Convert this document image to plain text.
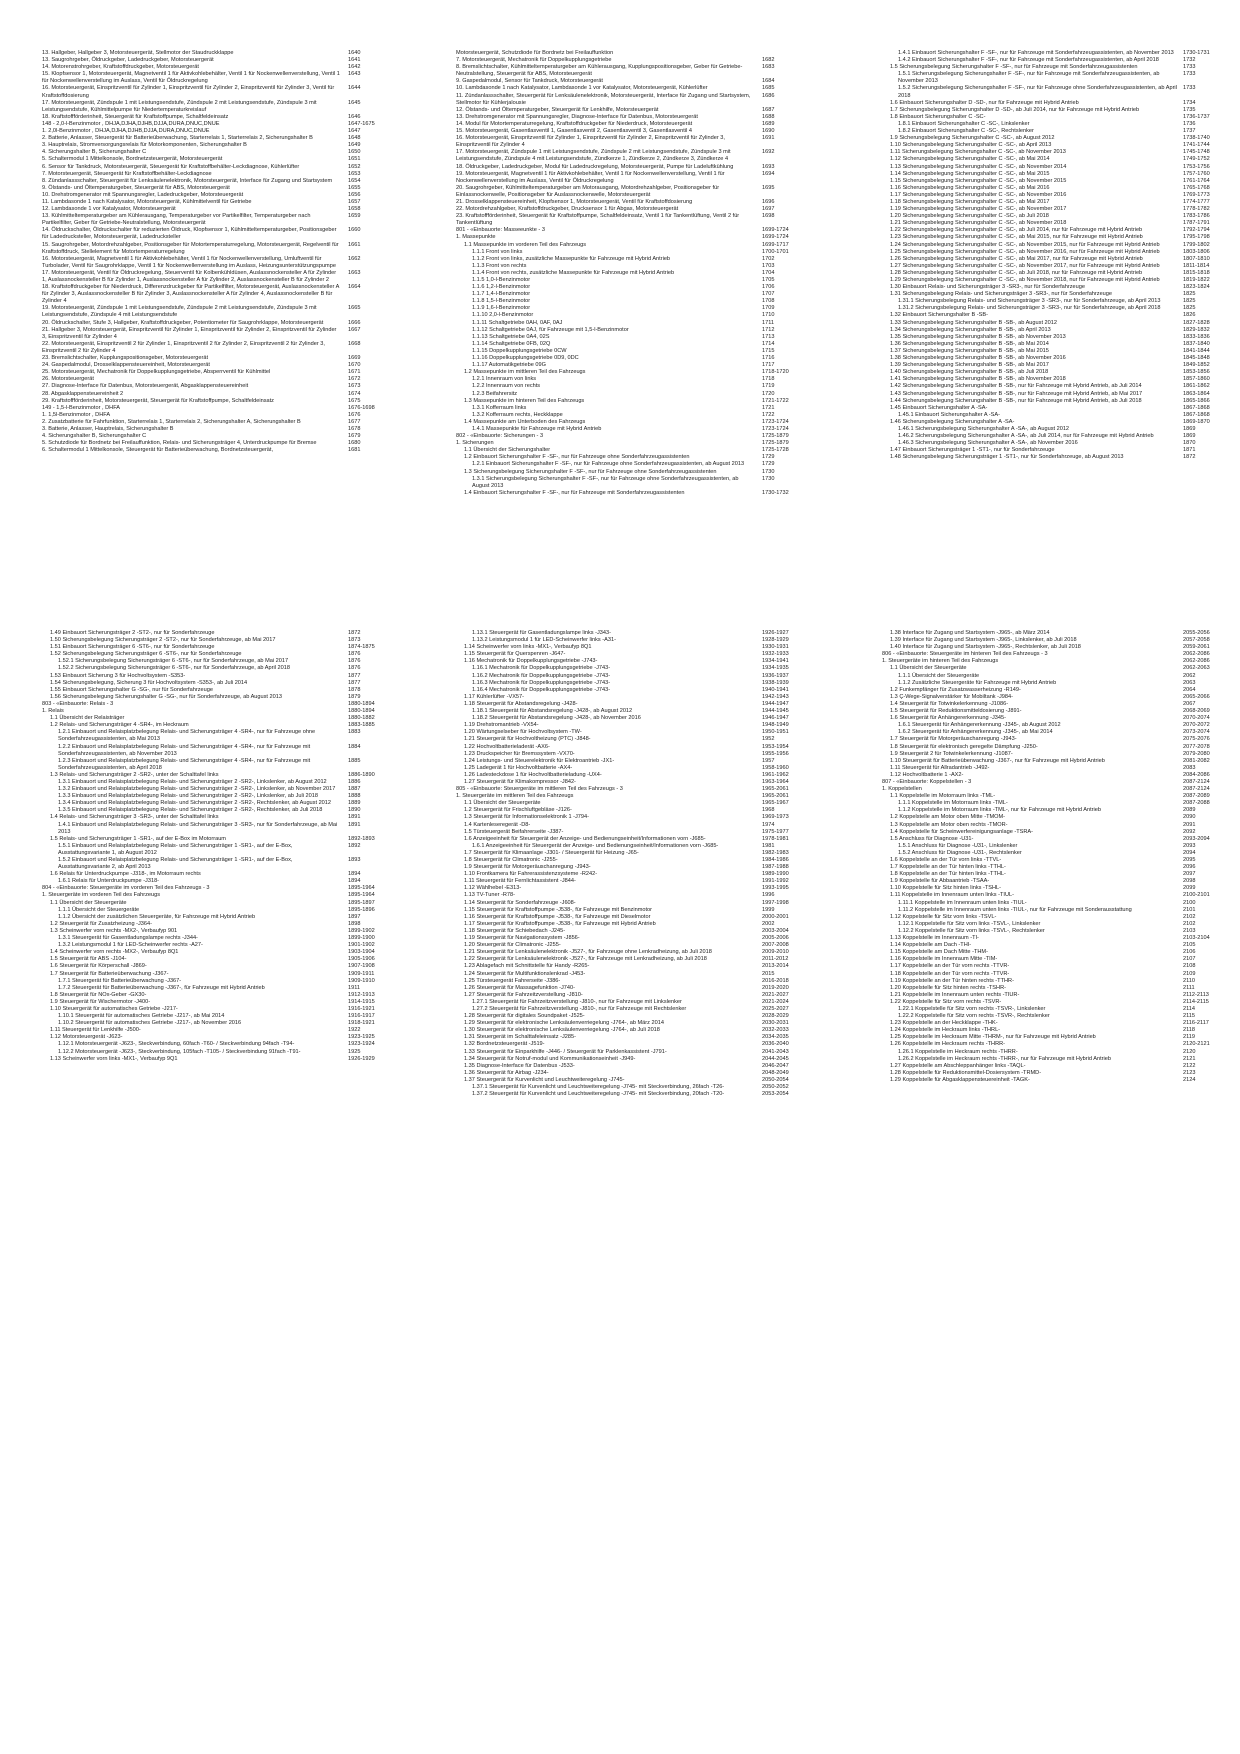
13. Hallgeber, Hallgeber 3, Motorsteuergerät, Stellmotor der Staudruckklappe	1640
13. Saugrohrgeber, Öldruckgeber, Ladedruckgeber, Motorsteuergerät	1641
14. Motorenstrohrgeber, Kraftstoffdruckgeber, Motorsteuergerät	1642
15. Klopfsensor 1, Motorsteuergerät, Magnetventil 1 für Aktivkohlebehälter, Ventil 1 für Nockenwellenverstellung, Ventil 1 für Nockenwellenverstellung im Auslass, Ventil für Öldruckregelung
1643
16. Motorsteuergerät, Einspritzventil für Zylinder 1, Einspritzventil für Zylinder 2, Einspritzventil für Zylinder 3, Ventil für Kraftstoffdosierung
1644
17. Motorsteuergerät, Zündspule 1 mit Leistungsendstufe, Zündspule 2 mit Leistungsendstufe, Zündspule 3 mit Leistungsendstufe, Kühlmittelpumpe für Niedertemperaturkreislauf
1645
18. Kraftstoffförderinheit, Steuergerät für Kraftstoffpumpe, Schaltfeldeinsatz	1646
148 - 2,0-l-Benzinmotor , DHJA,DJHA,DJHB,DJJA,DURA,DNUC,DNUE	1647-1675
1. 2,0l-Benzinmotor , DHJA,DJHA,DJHB,DJJA,DURA,DNUC,DNUE	1647
2. Batterie, Anlasser, Steuergerät für Batterieüberwachung, Starterrelais 1, Starterrelais 2, Sicherungshalter B	1648
3. Hauptrelais, Stromversorgungsrelais für Motorkomponenten, Sicherungshalter B	1649
4. Sicherungshalter B, Sicherungshalter C	1650
5. Schaltermodul 1 Mittelkonsole, Bordnetzsteuergerät, Motorsteuergerät	1651
6. Sensor für Tankdruck, Motorsteuergerät, Steuergerät für Kraftstoffbehälter-Leckdiagnose, Kühlerlüfter	1652
7. Motorsteuergerät, Steuergerät für Kraftstoffbehälter-Leckdiagnose	1653
8. Zündanlassschalter, Steuergerät für Lenksäulenelektronik, Motorsteuergerät, Interface für Zugang und Startsystem	1654
9. Ölstands- und Öltemperaturgeber, Steuergerät für ABS, Motorsteuergerät	1655
10. Drehstromgenerator mit Spannungsregler, Ladedruckgeber, Motorsteuergerät	1656
11. Lambdasonde 1 nach Katalysator, Motorsteuergerät, Kühlmittelventil für Getriebe	1657
12. Lambdasonde 1 vor Katalysator, Motorsteuergerät	1658
13. Kühlmitteltemperaturgeber am Kühlerausgang, Temperaturgeber vor Partikelfilter, Temperaturgeber nach Partikelfilter, Geber für Getriebe-Neutralstellung, Motorsteuergerät
1659
14. Öldruckschalter, Öldruckschalter für reduzierten Öldruck, Klopfsensor 1, Kühlmitteltemperaturgeber, Positionsgeber für Ladedrucksteller, Motorsteuergerät, Ladedrucksteller
1660
15. Saugrohrgeber, Motordrehzahlgeber, Positionsgeber für Motortemperaturregelung, Motorsteuergerät, Regelventil für Kraftstoffdruck, Stellelement für Motortemperaturregelung
1661
16. Motorsteuergerät, Magnetventil 1 für Aktivkohlebehälter, Ventil 1 für Nockenwellenverstellung, Umluftventil für Turbolader, Ventil für Saugrohrklappe, Ventil 1 für Nockenwellenverstellung im Auslass, Heizungsunterstützungspumpe
1662
17. Motorsteuergerät, Ventil für Öldruckregelung, Steuerventil für Kolbenkühldüsen, Auslassnockensteller A für Zylinder 1, Auslassnockensteller B für Zylinder 1, Auslassnockensteller A für Zylinder 2, Auslassnockensteller B für Zylinder 2
1663
18. Kraftstoffdruckgeber für Niederdruck, Differenzdruckgeber für Partikelfilter, Motorsteuergerät, Auslassnockensteller A für Zylinder 3, Auslassnockensteller B für Zylinder 3, Auslassnockensteller A für Zylinder 4, Auslassnockensteller B für Zylinder 4
1664
19. Motorsteuergerät, Zündspule 1 mit Leistungsendstufe, Zündspule 2 mit Leistungsendstufe, Zündspule 3 mit Leistungsendstufe, Zündspule 4 mit Leistungsendstufe
1665
20. Öldruckschalter, Stufe 3, Hallgeber, Kraftstoffdruckgeber, Potentiometer für Saugrohrklappe, Motorsteuergerät	1666
21. Hallgeber 3, Motorsteuergerät, Einspritzventil für Zylinder 1, Einspritzventil für Zylinder 2, Einspritzventil für Zylinder 3, Einspritzventil für Zylinder 4
1667
22. Motorsteuergerät, Einspritzventil 2 für Zylinder 1, Einspritzventil 2 für Zylinder 2, Einspritzventil 2 für Zylinder 3, Einspritzventil 2 für Zylinder 4
1668
23. Bremslichtschalter, Kupplungspositionsgeber, Motorsteuergerät	1669
24. Gaspedalmodul, Drosselklappensteuereinheit, Motorsteuergerät	1670
25. Motorsteuergerät, Mechatronik für Doppelkupplungsgetriebe, Absperrventil für Kühlmittel	1671
26. Motorsteuergerät	1672
27. Diagnose-Interface für Datenbus, Motorsteuergerät, Abgasklappensteuereinheit	1673
28. Abgasklappensteuereinheit 2	1674
29. Kraftstoffförderinheit, Motorsteuergerät, Steuergerät für Kraftstoffpumpe, Schaltfeldeinsatz	1675
149 - 1,5-l-Benzinmotor , DHFA	1676-1698
1. 1,5l-Benzinmotor , DHFA	1676
2. Zusatzbatterie für Fahrfunktion, Starterrelais 1, Starterrelais 2, Sicherungshalter A, Sicherungshalter B	1677
3. Batterie, Anlasser, Hauptrelais, Sicherungshalter B	1678
4. Sicherungshalter B, Sicherungshalter C	1679
5. Schutzdiode für Bordnetz bei Freilauffunktion, Relais- und Sicherungsträger 4, Unterdruckpumpe für Bremse	1680
6. Schaltermodul 1 Mittelkonsole, Steuergerät für Batterieüberwachung, Bordnetzsteuergerät,	1681
Motorsteuergerät, Schutzdiode für Bordnetz bei Freilauffunktion
7. Motorsteuergerät, Mechatronik für Doppelkupplungsgetriebe	1682
8. Bremslichtschalter, Kühlmitteltemperaturgeber am Kühlerausgang, Kupplungspositionsgeber, Geber für Getriebe-Neutralstellung, Steuergerät für ABS, Motorsteuergerät
1683
9. Gaspedalmodul, Sensor für Tankdruck, Motorsteuergerät	1684
10. Lambdasonde 1 nach Katalysator, Lambdasonde 1 vor Katalysator, Motorsteuergerät, Kühlerlüfter	1685
11. Zündanlassschalter, Steuergerät für Lenksäulenelektronik, Motorsteuergerät, Interface für Zugang und Startsystem, Stellmotor für Kühlerjalousie
1686
12. Ölstands- und Öltemperaturgeber, Steuergerät für Lenkhilfe, Motorsteuergerät	1687
13. Drehstromgenerator mit Spannungsregler, Diagnose-Interface für Datenbus, Motorsteuergerät	1688
14. Modul für Motortemperaturregelung, Kraftstoffdruckgeber für Niederdruck, Motorsteuergerät	1689
15. Motorsteuergerät, Gasentlasventil 1, Gasentlasventil 2, Gasentlasventil 3, Gasentlasventil 4	1690
16. Motorsteuergerät, Einspritzventil für Zylinder 1, Einspritzventil für Zylinder 2, Einspritzventil für Zylinder 3, Einspritzventil für Zylinder 4
1691
17. Motorsteuergerät, Zündspule 1 mit Leistungsendstufe, Zündspule 2 mit Leistungsendstufe, Zündspule 3 mit Leistungsendstufe, Zündspule 4 mit Leistungsendstufe, Zündkerze 1, Zündkerze 2, Zündkerze 3, Zündkerze 4
1692
18. Öldruckgeber, Ladedruckgeber, Modul für Ladedruckregelung, Motorsteuergerät, Pumpe für Ladeluftkühlung	1693
19. Motorsteuergerät, Magnetventil 1 für Aktivkohlebehälter, Ventil 1 für Nockenwellenverstellung, Ventil 1 für Nockenwellenverstellung im Auslass, Ventil für Öldruckregelung
1694
20. Saugrohrgeber, Kühlmitteltemperaturgeber am Motorausgang, Motordrehzahlgeber, Positionsgeber für Einlassnockenwelle, Positionsgeber für Auslassnockenwelle, Motorsteuergerät
1695
21. Drosselklappensteuereinheit, Klopfsensor 1, Motorsteuergerät, Ventil für Kraftstoffdosierung	1696
22. Motordrehzahlgeber, Kraftstoffdruckgeber, Drucksensor 1 für Abgas, Motorsteuergerät	1697
23. Kraftstoffförderinheit, Steuergerät für Kraftstoffpumpe, Schaltfeldeinsatz, Ventil 1 für Tankentlüftung, Ventil 2 für Tankentlüftung
1698
801 - «Einbauorte: Masseeunkte - 3	1699-1724
1. Massepunkte	1699-1724
1.1 Massepunkte im vorderen Teil des Fahrzeugs	1699-1717
1.1.1 Front von links	1700-1701
1.1.2 Front von links, zusätzliche Massepunkte für Fahrzeuge mit Hybrid Antrieb	1702
1.1.3 Front von rechts	1703
1.1.4 Front von rechts, zusätzliche Massepunkte für Fahrzeuge mit Hybrid Antrieb	1704
1.1.5 1,0-l-Benzinmotor	1705
1.1.6 1,2-l-Benzinmotor	1706
1.1.7 1,4-l-Benzinmotor	1707
1.1.8 1,5-l-Benzinmotor	1708
1.1.9 1,6-l-Benzinmotor	1709
1.1.10 2,0-l-Benzinmotor	1710
1.1.11 Schaltgetriebe 0AH, 0AF, 0AJ	1711
1.1.12 Schaltgetriebe 0AJ, für Fahrzeuge mit 1,5-l-Benzinmotor	1712
1.1.13 Schaltgetriebe 0A4, 02S	1713
1.1.14 Schaltgetriebe 0FB, 02Q	1714
1.1.15 Doppelkupplungsgetriebe 0CW	1715
1.1.16 Doppelkupplungsgetriebe 0D9, 0DC	1716
1.1.17 Automatikgetriebe 09G	1717
1.2 Massepunkte im mittleren Teil des Fahrzeugs	1718-1720
1.2.1 Innenraum von links	1718
1.2.2 Innenraum von rechts	1719
1.2.3 Beifahrersitz	1720
1.3 Massepunkte im hinteren Teil des Fahrzeugs	1721-1722
1.3.1 Kofferraum links	1721
1.3.2 Kofferraum rechts, Heckklappe	1722
1.4 Massepunkte am Unterboden des Fahrzeugs	1723-1724
1.4.1 Massepunkte für Fahrzeuge mit Hybrid Antrieb	1723-1724
802 - «Einbauorte: Sicherungen - 3	1725-1879
1. Sicherungen	1725-1879
1.1 Übersicht der Sicherungshalter	1725-1728
1.2 Einbauort Sicherungshalter F -SF-, nur für Fahrzeuge ohne Sonderfahrzeugassistenten	1729
1.2.1 Einbauort Sicherungshalter F -SF-, nur für Fahrzeuge ohne Sonderfahrzeugassistenten, ab August 2013	1729
1.3 Sicherungsbelegung Sicherungshalter F -SF-, nur für Fahrzeuge ohne Sonderfahrzeugassistenten	1730
1.3.1 Sicherungsbelegung Sicherungshalter F -SF-, nur für Fahrzeuge ohne Sonderfahrzeugassistenten, ab August 2013
1730
1.4 Einbauort Sicherungshalter F -SF-, nur für Fahrzeuge mit Sonderfahrzeugassistenten	1730-1732
1.4.1 Einbauort Sicherungshalter F -SF-, nur für Fahrzeuge mit Sonderfahrzeugassistenten, ab November 2013	1730-1731
1.4.2 Einbauort Sicherungshalter F -SF-, nur für Fahrzeuge mit Sonderfahrzeugassistenten, ab April 2018	1732
1.5 Sicherungsbelegung Sicherungshalter F -SF-, nur für Fahrzeuge mit Sonderfahrzeugassistenten	1733
1.5.1 Sicherungsbelegung Sicherungshalter F -SF-, nur für Fahrzeuge mit Sonderfahrzeugassistenten, ab November 2013
1733
1.5.2 Sicherungsbelegung Sicherungshalter F -SF-, nur für Fahrzeuge ohne Sonderfahrzeugassistenten, ab April 2018
1733
1.6 Einbauort Sicherungshalter D -SD-, nur für Fahrzeuge mit Hybrid Antrieb	1734
1.7 Sicherungsbelegung Sicherungshalter D -SD-, ab Juli 2014, nur für Fahrzeuge mit Hybrid Antrieb	1735
1.8 Einbauort Sicherungshalter C -SC-	1736-1737
1.8.1 Einbauort Sicherungshalter C -SC-, Linkslenker	1736
1.8.2 Einbauort Sicherungshalter C -SC-, Rechtslenker	1737
1.9 Sicherungsbelegung Sicherungshalter C -SC-, ab August 2012	1738-1740
1.10 Sicherungsbelegung Sicherungshalter C -SC-, ab April 2013	1741-1744
1.11 Sicherungsbelegung Sicherungshalter C -SC-, ab November 2013	1745-1748
1.12 Sicherungsbelegung Sicherungshalter C -SC-, ab Mai 2014	1749-1752
1.13 Sicherungsbelegung Sicherungshalter C -SC-, ab November 2014	1753-1756
1.14 Sicherungsbelegung Sicherungshalter C -SC-, ab Mai 2015	1757-1760
1.15 Sicherungsbelegung Sicherungshalter C -SC-, ab November 2015	1761-1764
1.16 Sicherungsbelegung Sicherungshalter C -SC-, ab Mai 2016	1765-1768
1.17 Sicherungsbelegung Sicherungshalter C -SC-, ab November 2016	1769-1773
1.18 Sicherungsbelegung Sicherungshalter C -SC-, ab Mai 2017	1774-1777
1.19 Sicherungsbelegung Sicherungshalter C -SC-, ab November 2017	1778-1782
1.20 Sicherungsbelegung Sicherungshalter C -SC-, ab Juli 2018	1783-1786
1.21 Sicherungsbelegung Sicherungshalter C -SC-, ab November 2018	1787-1791
1.22 Sicherungsbelegung Sicherungshalter C -SC-, ab Juli 2014, nur für Fahrzeuge mit Hybrid Antrieb	1792-1794
1.23 Sicherungsbelegung Sicherungshalter C -SC-, ab Mai 2015, nur für Fahrzeuge mit Hybrid Antrieb	1795-1798
1.24 Sicherungsbelegung Sicherungshalter C -SC-, ab November 2015, nur für Fahrzeuge mit Hybrid Antrieb	1799-1802
1.25 Sicherungsbelegung Sicherungshalter C -SC-, ab November 2016, nur für Fahrzeuge mit Hybrid Antrieb	1803-1806
1.26 Sicherungsbelegung Sicherungshalter C -SC-, ab Mai 2017, nur für Fahrzeuge mit Hybrid Antrieb	1807-1810
1.27 Sicherungsbelegung Sicherungshalter C -SC-, ab November 2017, nur für Fahrzeuge mit Hybrid Antrieb	1811-1814
1.28 Sicherungsbelegung Sicherungshalter C -SC-, ab Juli 2018, nur für Fahrzeuge mit Hybrid Antrieb	1815-1818
1.29 Sicherungsbelegung Sicherungshalter C -SC-, ab November 2018, nur für Fahrzeuge mit Hybrid Antrieb	1819-1822
1.30 Einbauort Relais- und Sicherungsträger 3 -SR3-, nur für Sonderfahrzeuge	1823-1824
1.31 Sicherungsbelegung Relais- und Sicherungsträger 3 -SR3-, nur für Sonderfahrzeuge	1825
1.31.1 Sicherungsbelegung Relais- und Sicherungsträger 3 -SR3-, nur für Sonderfahrzeuge, ab April 2013	1825
1.31.2 Sicherungsbelegung Relais- und Sicherungsträger 3 -SR3-, nur für Sonderfahrzeuge, ab April 2018	1825
1.32 Einbauort Sicherungshalter B -SB-	1826
1.33 Sicherungsbelegung Sicherungshalter B -SB-, ab August 2012	1827-1828
1.34 Sicherungsbelegung Sicherungshalter B -SB-, ab April 2013	1829-1832
1.35 Sicherungsbelegung Sicherungshalter B -SB-, ab November 2013	1833-1836
1.36 Sicherungsbelegung Sicherungshalter B -SB-, ab Mai 2014	1837-1840
1.37 Sicherungsbelegung Sicherungshalter B -SB-, ab Mai 2015	1841-1844
1.38 Sicherungsbelegung Sicherungshalter B -SB-, ab November 2016	1845-1848
1.39 Sicherungsbelegung Sicherungshalter B -SB-, ab Mai 2017	1849-1852
1.40 Sicherungsbelegung Sicherungshalter B -SB-, ab Juli 2018	1853-1856
1.41 Sicherungsbelegung Sicherungshalter B -SB-, ab November 2018	1857-1860
1.42 Sicherungsbelegung Sicherungshalter B -SB-, nur für Fahrzeuge mit Hybrid Antrieb, ab Juli 2014	1861-1862
1.43 Sicherungsbelegung Sicherungshalter B -SB-, nur für Fahrzeuge mit Hybrid Antrieb, ab Mai 2017	1863-1864
1.44 Sicherungsbelegung Sicherungshalter B -SB-, nur für Fahrzeuge mit Hybrid Antrieb, ab Juli 2018	1865-1866
1.45 Einbauort Sicherungshalter A -SA-	1867-1868
1.45.1 Einbauort Sicherungshalter A -SA-	1867-1868
1.46 Sicherungsbelegung Sicherungshalter A -SA-	1869-1870
1.46.1 Sicherungsbelegung Sicherungshalter A -SA-, ab August 2012	1869
1.46.2 Sicherungsbelegung Sicherungshalter A -SA-, ab Juli 2014, nur für Fahrzeuge mit Hybrid Antrieb	1869
1.46.3 Sicherungsbelegung Sicherungshalter A -SA-, ab November 2016	1870
1.47 Einbauort Sicherungsträger 1 -ST1-, nur für Sonderfahrzeuge	1871
1.48 Sicherungsbelegung Sicherungsträger 1 -ST1-, nur für Sonderfahrzeuge, ab August 2013	1872
1.49 Einbauort Sicherungsträger 2 -ST2-, nur für Sonderfahrzeuge	1872
1.50 Sicherungsbelegung Sicherungsträger 2 -ST2-, nur für Sonderfahrzeuge, ab Mai 2017	1873
1.51 Einbauort Sicherungsträger 6 -ST6-, nur für Sonderfahrzeuge	1874-1875
1.52 Sicherungsbelegung Sicherungsträger 6 -ST6-, nur für Sonderfahrzeuge	1876
1.52.1 Sicherungsbelegung Sicherungsträger 6 -ST6-, nur für Sonderfahrzeuge, ab Mai 2017	1876
1.52.2 Sicherungsbelegung Sicherungsträger 6 -ST6-, nur für Sonderfahrzeuge, ab April 2018	1876
1.53 Einbauort Sicherung 3 für Hochvoltsystem -S353-	1877
1.54 Sicherungsbelegung, Sicherung 3 für Hochvoltsystem -S353-, ab Juli 2014	1877
1.55 Einbauort Sicherungshalter G -SG-, nur für Sonderfahrzeuge	1878
1.56 Sicherungsbelegung Sicherungshalter G -SG-, nur für Sonderfahrzeuge, ab August 2013	1879
803 - «Einbauorte: Relais - 3	1880-1894
1. Relais	1880-1894
1.1 Übersicht der Relaisträger	1880-1882
1.2 Relais- und Sicherungsträger 4 -SR4-, im Heckraum	1883-1885
1.2.1 Einbauort und Relaisplatzbelegung Relais- und Sicherungsträger 4 -SR4-, nur für Fahrzeuge ohne Sonderfahrzeugassistenten, ab Mai 2013
1883
1.2.2 Einbauort und Relaisplatzbelegung Relais- und Sicherungsträger 4 -SR4-, nur für Fahrzeuge mit Sonderfahrzeugassistenten, ab November 2013
1884
1.2.3 Einbauort und Relaisplatzbelegung Relais- und Sicherungsträger 4 -SR4-, nur für Fahrzeuge mit Sonderfahrzeugassistenten, ab April 2018
1885
1.3 Relais- und Sicherungsträger 2 -SR2-, unter der Schalttafel links	1886-1890
1.3.1 Einbauort und Relaisplatzbelegung Relais- und Sicherungsträger 2 -SR2-, Linkslenker, ab August 2012	1886
1.3.2 Einbauort und Relaisplatzbelegung Relais- und Sicherungsträger 2 -SR2-, Linkslenker, ab November 2017	1887
1.3.3 Einbauort und Relaisplatzbelegung Relais- und Sicherungsträger 2 -SR2-, Linkslenker, ab Juli 2018	1888
1.3.4 Einbauort und Relaisplatzbelegung Relais- und Sicherungsträger 2 -SR2-, Rechtslenker, ab August 2012	1889
1.3.5 Einbauort und Relaisplatzbelegung Relais- und Sicherungsträger 2 -SR2-, Rechtslenker, ab Juli 2018	1890
1.4 Relais- und Sicherungsträger 3 -SR3-, unter der Schalttafel links	1891
1.4.1 Einbauort und Relaisplatzbelegung Relais- und Sicherungsträger 3 -SR3-, nur für Sonderfahrzeuge, ab Mai 2013
1891
1.5 Relais- und Sicherungsträger 1 -SR1-, auf der E-Box im Motorraum	1892-1893
1.5.1 Einbauort und Relaisplatzbelegung Relais- und Sicherungsträger 1 -SR1-, auf der E-Box, Ausstattungsvariante 1, ab August 2012
1892
1.5.2 Einbauort und Relaisplatzbelegung Relais- und Sicherungsträger 1 -SR1-, auf der E-Box, Ausstattungsvariante 2, ab April 2013
1893
1.6 Relais für Unterdruckpumpe -J318-, im Motorraum rechts	1894
1.6.1 Relais für Unterdruckpumpe -J318-	1894
804 - «Einbauorte: Steuergeräte im vorderen Teil des Fahrzeugs - 3	1895-1964
1. Steuergeräte im vorderen Teil des Fahrzeugs	1895-1964
1.1 Übersicht der Steuergeräte	1895-1897
1.1.1 Übersicht der Steuergeräte	1895-1896
1.1.2 Übersicht der zusätzlichen Steuergeräte, für Fahrzeuge mit Hybrid Antrieb	1897
1.2 Steuergerät für Zusatzheizung -J364-	1898
1.3 Scheinwerfer vorn rechts -MX2-, Verbaufyp 901	1899-1902
1.3.1 Steuergerät für Gasentladungslampe rechts -J344-	1899-1900
1.3.2 Leistungsmodul 1 für LED-Scheinwerfer rechts -A27-	1901-1902
1.4 Scheinwerfer vorn rechts -MX2-, Verbaufyp 8Q1	1903-1904
1.5 Steuergerät für ABS -J104-	1905-1906
1.6 Steuergerät für Körperschall -J869-	1907-1908
1.7 Steuergerät für Batterieüberwachung -J367-	1909-1911
1.7.1 Steuergerät für Batterieüberwachung -J367-	1909-1910
1.7.2 Steuergerät für Batterieüberwachung -J367-, für Fahrzeuge mit Hybrid Antrieb	1911
1.8 Steuergerät für NOx-Geber -GX30-	1912-1913
1.9 Steuergerät für Wischermotor -J400-	1914-1915
1.10 Steuergerät für automatisches Getriebe -J217-	1916-1921
1.10.1 Steuergerät für automatisches Getriebe -J217-, ab Mai 2014	1916-1917
1.10.2 Steuergerät für automatisches Getriebe -J217-, ab November 2016	1918-1921
1.11 Steuergerät für Lenkhilfe -J500-	1922
1.12 Motorsteuergerät -J623-	1923-1925
1.12.1 Motorsteuergerät -J623-, Steckverbindung, 60fach -T60- / Steckverbindung 94fach -T94-	1923-1924
1.12.2 Motorsteuergerät -J623-, Steckverbindung, 105fach -T105- / Steckverbindung 91fach -T91-	1925
1.13 Scheinwerfer vorn links -MX1-, Verbaufyp 9Q1	1926-1929
1.13.1 Steuergerät für Gasentladungslampe links -J343-	1926-1927
1.13.2 Leistungsmodul 1 für LED-Scheinwerfer links -A31-	1928-1929
1.14 Scheinwerfer vorn links -MX1-, Verbaufyp 8Q1	1930-1931
1.15 Steuergerät für Querspenren -J647-	1932-1933
1.16 Mechatronik für Doppelkupplungsgetriebe -J743-	1934-1941
1.16.1 Mechatronik für Doppelkupplungsgetriebe -J743-	1934-1935
1.16.2 Mechatronik für Doppelkupplungsgetriebe -J743-	1936-1937
1.16.3 Mechatronik für Doppelkupplungsgetriebe -J743-	1938-1939
1.16.4 Mechatronik für Doppelkupplungsgetriebe -J743-	1940-1941
1.17 Kühlerlüfter -VX57-	1942-1943
1.18 Steuergerät für Abstandsregelung -J428-	1944-1947
1.18.1 Steuergerät für Abstandsregelung -J428-, ab August 2012	1944-1945
1.18.2 Steuergerät für Abstandsregelung -J428-, ab November 2016	1946-1947
1.19 Drehstromantrieb -VX54-	1948-1949
1.20 Wärtungselseber für Hochvoltsystem -TW-	1950-1951
1.21 Steuergerät für Hochvoltheizung (PTC) -J848-	1952
1.22 Hochvoltbatterieladerät -AX6-	1953-1954
1.23 Druckspeicher für Bremssystem -VX70-	1955-1956
1.24 Leistungs- und Steuerelektronik für Elektroantrieb -JX1-	1957
1.25 Ladegerät 1 für Hochvoltbatterie -AX4-	1958-1960
1.26 Ladesteckdose 1 für Hochvoltbatterieladung -UX4-	1961-1962
1.27 Steuergerät für Klimakompressor -J842-	1963-1964
805 - «Einbauorte: Steuergeräte im mittleren Teil des Fahrzeugs - 3	1965-2061
1. Steuergeräte im mittleren Teil des Fahrzeugs	1965-2061
1.1 Übersicht der Steuergeräte	1965-1967
1.2 Steuergerät für Frischluftgebläse -J126-	1968
1.3 Steuergerät für Informationselektronik 1 -J794-	1969-1973
1.4 Kartenleseregerät -D8-	1974
1.5 Türsteuergerät Beifahrerseite -J387-	1975-1977
1.6 Anzeigeeinheit für Steuergerät der Anzeige- und Bedienungseinheit/Informationen vorn -J685-	1978-1981
1.6.1 Anzeigeeinheit für Steuergerät der Anzeige- und Bedienungseinheit/Informationen vorn -J685-	1981
1.7 Steuergerät für Klimaanlage -J301- / Steuergerät für Heizung -J65-	1982-1983
1.8 Steuergerät für Climatronic -J255-	1984-1986
1.9 Steuergerät für Motorgeräuschanregung -J943-	1987-1988
1.10 Frontkamera für Fahrerassistenzsysteme -R242-	1989-1990
1.11 Steuergerät für Fernlichtassistent -J844-	1991-1992
1.12 Wählhebel -E313-	1993-1995
1.13 TV-Tuner -R78-	1996
1.14 Steuergerät für Sonderfahrzeuge -J608-	1997-1998
1.15 Steuergerät für Kraftstoffpumpe -J538-, für Fahrzeuge mit Benzinmotor	1999
1.16 Steuergerät für Kraftstoffpumpe -J538-, für Fahrzeuge mit Dieselmotor	2000-2001
1.17 Steuergerät für Kraftstoffpumpe -J538-, für Fahrzeuge mit Hybrid Antrieb	2002
1.18 Steuergerät für Schiebedach -J245-	2003-2004
1.19 Steuergerät für Navigationssystem -J856-	2005-2006
1.20 Steuergerät für Climatronic -J255-	2007-2008
1.21 Steuergerät für Lenksäulenelektronik -J527-, für Fahrzeuge ohne Lenkradheizung, ab Juli 2018	2009-2010
1.22 Steuergerät für Lenksäulenelektronik -J527-, für Fahrzeuge mit Lenkradheizung, ab Juli 2018	2011-2012
1.23 Ablagefach mit Schnittstelle für Handy -R265-	2013-2014
1.24 Steuergerät für Multifunktionslenkrad -J453-	2015
1.25 Türsteuergerät Fahrerseite -J386-	2016-2018
1.26 Steuergerät für Massagefunktion -J740-	2019-2020
1.27 Steuergerät für Fahrzeitzverstellung -J810-	2021-2027
1.27.1 Steuergerät für Fahrzeitzverstellung -J810-, nur für Fahrzeuge mit Linkslenker	2021-2024
1.27.2 Steuergerät für Fahrzeitzverstellung -J810-, nur für Fahrzeuge mit Rechtslenker	2025-2027
1.28 Steuergerät für digitales Soundpaket -J525-	2028-2029
1.29 Steuergerät für elektronische Lenksäulenverriegelung -J764-, ab März 2014	2030-2031
1.30 Steuergerät für elektronische Lenksäulenverriegelung -J764-, ab Juli 2018	2032-2033
1.31 Steuergerät im Schalttafeleinsatz -J285-	2034-2035
1.32 Bordnetzsteuergerät -J519-	2036-2040
1.33 Steuergerät für Einparkhilfe -J446- / Steuergerät für Parklenkassistent -J791-	2041-2043
1.34 Steuergerät für Notruf-modul und Kommunikationseinheit -J949-	2044-2045
1.35 Diagnose-Interface für Datenbus -J533-	2046-2047
1.36 Steuergerät für Airbag -J234-	2048-2049
1.37 Steuergerät für Kurvenlicht und Leuchtweiteregelung -J745-	2050-2054
1.37.1 Steuergerät für Kurvenlicht und Leuchtweiteregelung -J745- mit Steckverbindung, 26fach -T26-	2050-2052
1.37.2 Steuergerät für Kurvenlicht und Leuchtweiteregelung -J745- mit Steckverbindung, 20fach -T20-	2053-2054
1.38 Interface für Zugang und Startsystem -J965-, ab März 2014	2055-2056
1.39 Interface für Zugang und Startsystem -J965-, Linkslenker, ab Juli 2018	2057-2058
1.40 Interface für Zugang und Startsystem -J965-, Rechtslenker, ab Juli 2018	2059-2061
806 - «Einbauorte: Steuergeräte im hinteren Teil des Fahrzeugs - 3	2062-2086
1. Steuergeräte im hinteren Teil des Fahrzeugs	2062-2086
1.1 Übersicht der Steuergeräte	2062-2063
1.1.1 Übersicht der Steuergeräte	2062
1.1.2 Zusätzliche Steuergeräte für Fahrzeuge mit Hybrid Antrieb	2063
1.2 Funkempfänger für Zusatzwasserheizung -R149-	2064
1.3 Ç-Wege-Signalverstärker für Mobiltank -J984-	2065-2066
1.4 Steuergerät für Totwinkelerkennung -J1086-	2067
1.5 Steuergerät für Reduktionsmitteldosierung -J891-	2068-2069
1.6 Steuergerät für Anhängererkennung -J345-	2070-2074
1.6.1 Steuergerät für Anhängererkennung -J345-, ab August 2012	2070-2072
1.6.2 Steuergerät für Anhängererkennung -J345-, ab Mai 2014	2073-2074
1.7 Steuergerät für Motorgeräuschanregung -J943-	2075-2076
1.8 Steuergerät für elektronisch geregelte Dämpfung -J250-	2077-2078
1.9 Steuergerät 2 für Totwinkelerkennung -J1087-	2079-2080
1.10 Steuergerät für Batterieüberwachung -J367-, nur für Fahrzeuge mit Hybrid Antrieb	2081-2082
1.11 Steuergerät für Allradantrieb -J492-	2083
1.12 Hochvoltbatterie 1 -AX2-	2084-2086
807 - «Einbauorte: Koppelstellen - 3	2087-2124
1. Koppelstellen	2087-2124
1.1 Koppelstelle im Motorraum links -TML-	2087-2089
1.1.1 Koppelstelle im Motorraum links -TML-	2087-2088
1.1.2 Koppelstelle im Motorraum links -TML-, nur für Fahrzeuge mit Hybrid Antrieb	2089
1.2 Koppelstelle am Motor oben Mitte -TMOM-	2090
1.3 Koppelstelle am Motor oben rechts -TMOR-	2091
1.4 Koppelstelle für Scheinwerfereinigungsanlage -TSRA-	2092
1.5 Anschluss für Diagnose -U31-	2093-2094
1.5.1 Anschluss für Diagnose -U31-, Linkslenker	2093
1.5.2 Anschluss für Diagnose -U31-, Rechtslenker	2094
1.6 Koppelstelle an der Tür vorn links -TTVL-	2095
1.7 Koppelstelle an der Tür hinten links -TTHL-	2096
1.8 Koppelstelle an der Tür hinten links -TTHL-	2097
1.9 Koppelstelle für Abbaantrieb -TSAA-	2098
1.10 Koppelstelle für Sitz hinten links -TSHL-	2099
1.11 Koppelstelle im Innenraum unten links -TIUL-	2100-2101
1.11.1 Koppelstelle im Innenraum unten links -TIUL-	2100
1.11.2 Koppelstelle im Innenraum unten links -TIUL-, nur für Fahrzeuge mit Sonderausstattung	2101
1.12 Koppelstelle für Sitz vorn links -TSVL-	2102
1.12.1 Koppelstelle für Sitz vorn links -TSVL-, Linkslenker	2102
1.12.2 Koppelstelle für Sitz vorn links -TSVL-, Rechtslenker	2103
1.13 Koppelstelle im Innenraum -TI-	2103-2104
1.14 Koppelstelle am Dach -THI-	2105
1.15 Koppelstelle am Dach Mitte -THM-	2106
1.16 Koppelstelle im Innenraum Mitte -TIM-	2107
1.17 Koppelstelle an der Tür vorn rechts -TTVR-	2108
1.18 Koppelstelle an der Tür vorn rechts -TTVR-	2109
1.19 Koppelstelle an der Tür hinten rechts -TTHR-	2110
1.20 Koppelstelle für Sitz hinten rechts -TSHR-	2111
1.21 Koppelstelle im Innenraum unten rechts -TIUR-	2112-2113
1.22 Koppelstelle für Sitz vorn rechts -TSVR-	2114-2115
1.22.1 Koppelstelle für Sitz vorn rechts -TSVR-, Linkslenker	2114
1.22.2 Koppelstelle für Sitz vorn rechts -TSVR-, Rechtslenker	2115
1.23 Koppelstelle an der Heckklappe -THK-	2116-2117
1.24 Koppelstelle im Heckraum links -THRL-	2118
1.25 Koppelstelle im Heckraum Mitte -THRM-, nur für Fahrzeuge mit Hybrid Antrieb	2119
1.26 Koppelstelle im Heckraum rechts -THRR-	2120-2121
1.26.1 Koppelstelle im Heckraum rechts -THRR-	2120
1.26.2 Koppelstelle im Heckraum rechts -THRR-, nur für Fahrzeuge mit Hybrid Antrieb	2121
1.27 Koppelstelle am Abschleppanhänger links -TAQL-	2122
1.28 Koppelstelle für Reduktionsmittel-Dosiersystem -TRMD-	2123
1.29 Koppelstelle für Abgasklappensteuereinheit -TAGK-	2124
